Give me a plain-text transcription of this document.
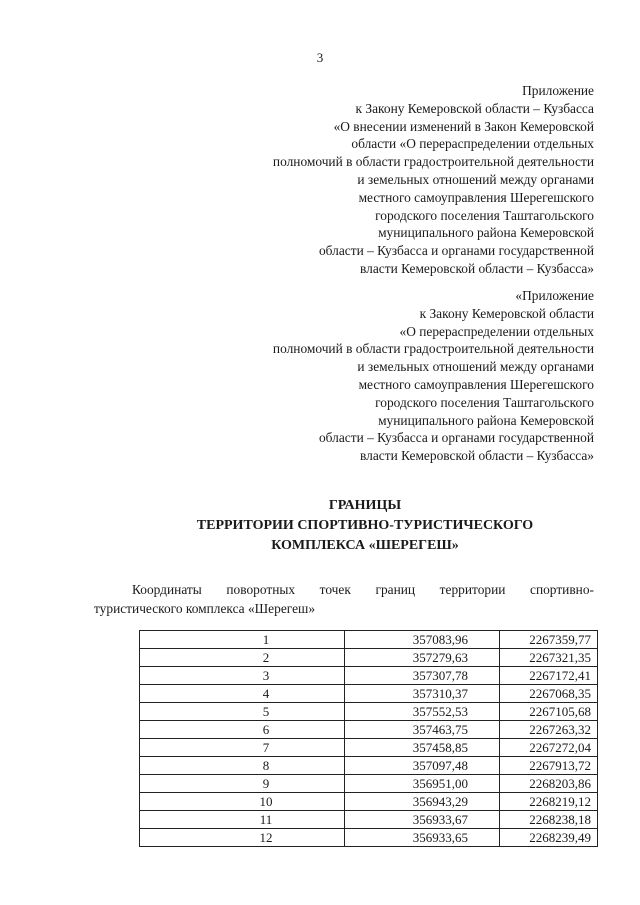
3
Приложение
к Закону Кемеровской области – Кузбасса
«О внесении изменений в Закон Кемеровской
области «О перераспределении отдельных
полномочий в области градостроительной деятельности
и земельных отношений между органами
местного самоуправления Шерегешского
городского поселения Таштагольского
муниципального района Кемеровской
области – Кузбасса и органами государственной
власти Кемеровской области – Кузбасса»
«Приложение
к Закону Кемеровской области
«О перераспределении отдельных
полномочий в области градостроительной деятельности
и земельных отношений между органами
местного самоуправления Шерегешского
городского поселения Таштагольского
муниципального района Кемеровской
области – Кузбасса и органами государственной
власти Кемеровской области – Кузбасса»
ГРАНИЦЫ
ТЕРРИТОРИИ СПОРТИВНО-ТУРИСТИЧЕСКОГО
КОМПЛЕКСА «ШЕРЕГЕШ»
Координаты поворотных точек границ территории спортивно-
туристического комплекса «Шерегеш»
1	357083,96	2267359,77
2	357279,63	2267321,35
3	357307,78	2267172,41
4	357310,37	2267068,35
5	357552,53	2267105,68
6	357463,75	2267263,32
7	357458,85	2267272,04
8	357097,48	2267913,72
9	356951,00	2268203,86
10	356943,29	2268219,12
11	356933,67	2268238,18
12	356933,65	2268239,49
